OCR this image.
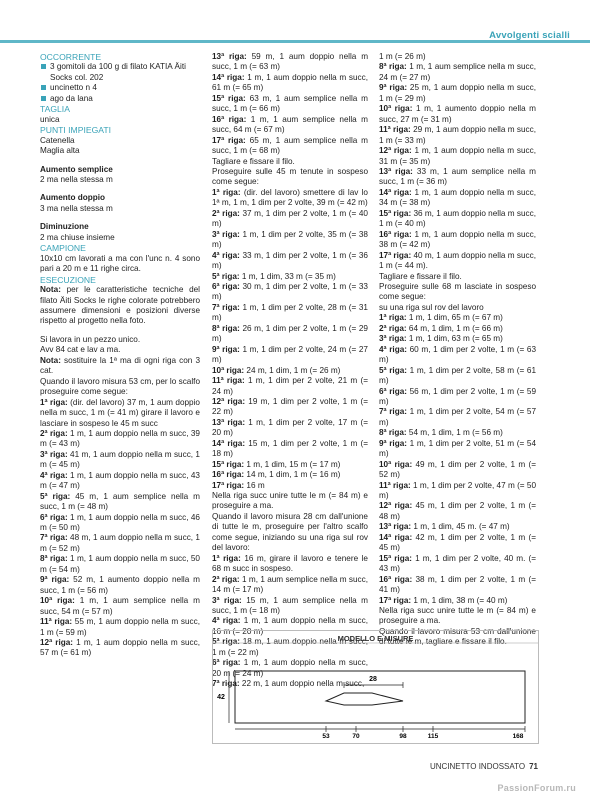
Avvolgenti scialli

OCCORRENTE

3 gomitoli da 100 g di filato KATIA Äiti Socks col. 202
uncinetto n 4
ago da lana

TAGLIA

unica

PUNTI IMPIEGATI

Catenella

Maglia alta

Aumento semplice

2 ma nella stessa m

Aumento doppio

3 ma nella stessa m

Diminuzione

2 ma chiuse insieme

CAMPIONE

10x10 cm lavorati a ma con l'unc n. 4 sono pari a 20 m e 11 righe circa.

ESECUZIONE

Nota: per le caratteristiche tecniche del filato Äiti Socks le righe colorate potrebbero assumere dimensioni e posizioni diverse rispetto al progetto nella foto.

Si lavora in un pezzo unico.

Avv 84 cat e lav a ma.

Nota: sostituire la 1ª ma di ogni riga con 3 cat.

Quando il lavoro misura 53 cm, per lo scalfo proseguire come segue:

1ª riga: (dir. del lavoro) 37 m, 1 aum doppio nella m succ, 1 m (= 41 m) girare il lavoro e lasciare in sospeso le 45 m succ

2ª riga: 1 m, 1 aum doppio nella m succ, 39 m (= 43 m)

3ª riga: 41 m, 1 aum doppio nella m succ, 1 m (= 45 m)

4ª riga: 1 m, 1 aum doppio nella m succ, 43 m (= 47 m)

5ª riga: 45 m, 1 aum semplice nella m succ, 1 m (= 48 m)

6ª riga: 1 m, 1 aum doppio nella m succ, 46 m (= 50 m)

7ª riga: 48 m, 1 aum doppio nella m succ, 1 m (= 52 m)

8ª riga: 1 m, 1 aum doppio nella m succ, 50 m (= 54 m)

9ª riga: 52 m, 1 aumento doppio nella m succ, 1 m (= 56 m)

10ª riga: 1 m, 1 aum semplice nella m succ, 54 m (= 57 m)

11ª riga: 55 m, 1 aum doppio nella m succ, 1 m (= 59 m)

12ª riga: 1 m, 1 aum doppio nella m succ, 57 m (= 61 m)

13ª riga: 59 m, 1 aum doppio nella m succ, 1 m (= 63 m)

14ª riga: 1 m, 1 aum doppio nella m succ, 61 m (= 65 m)

15ª riga: 63 m, 1 aum semplice nella m succ, 1 m (= 66 m)

16ª riga: 1 m, 1 aum semplice nella m succ, 64 m (= 67 m)

17ª riga: 65 m, 1 aum semplice nella m succ, 1 m (= 68 m)

Tagliare e fissare il filo.

Proseguire sulle 45 m tenute in sospeso come segue:

1ª riga: (dir. del lavoro) smettere di lav lo 1ª m, 1 m, 1 dim per 2 volte, 39 m (= 42 m)

2ª riga: 37 m, 1 dim per 2 volte, 1 m (= 40 m)

3ª riga: 1 m, 1 dim per 2 volte, 35 m (= 38 m)

4ª riga: 33 m, 1 dim per 2 volte, 1 m (= 36 m)

5ª riga: 1 m, 1 dim, 33 m (= 35 m)

6ª riga: 30 m, 1 dim per 2 volte, 1 m (= 33 m)

7ª riga: 1 m, 1 dim per 2 volte, 28 m (= 31 m)

8ª riga: 26 m, 1 dim per 2 volte, 1 m (= 29 m)

9ª riga: 1 m, 1 dim per 2 volte, 24 m (= 27 m)

10ª riga: 24 m, 1 dim, 1 m (= 26 m)

11ª riga: 1 m, 1 dim per 2 volte, 21 m (= 24 m)

12ª riga: 19 m, 1 dim per 2 volte, 1 m (= 22 m)

13ª riga: 1 m, 1 dim per 2 volte, 17 m (= 20 m)

14ª riga: 15 m, 1 dim per 2 volte, 1 m (= 18 m)

15ª riga: 1 m, 1 dim, 15 m (= 17 m)

16ª riga: 14 m, 1 dim, 1 m (= 16 m)

17ª riga: 16 m

Nella riga succ unire tutte le m (= 84 m) e proseguire a ma.

Quando il lavoro misura 28 cm dall'unione di tutte le m, proseguire per l'altro scalfo come segue, iniziando su una riga sul rov del lavoro:

1ª riga: 16 m, girare il lavoro e tenere le 68 m succ in sospeso.

2ª riga: 1 m, 1 aum semplice nella m succ, 14 m (= 17 m)

3ª riga: 15 m, 1 aum semplice nella m succ, 1 m (= 18 m)

4ª riga: 1 m, 1 aum doppio nella m succ, 16 m (= 20 m)

5ª riga: 18 m, 1 aum doppio nella m succ, 1 m (= 22 m)

6ª riga: 1 m, 1 aum doppio nella m succ, 20 m (= 24 m)

7ª riga: 22 m, 1 aum doppio nella m succ,

1 m (= 26 m)

8ª riga: 1 m, 1 aum semplice nella m succ, 24 m (= 27 m)

9ª riga: 25 m, 1 aum doppio nella m succ, 1 m (= 29 m)

10ª riga: 1 m, 1 aumento doppio nella m succ, 27 m (= 31 m)

11ª riga: 29 m, 1 aum doppio nella m succ, 1 m (= 33 m)

12ª riga: 1 m, 1 aum doppio nella m succ, 31 m (= 35 m)

13ª riga: 33 m, 1 aum semplice nella m succ, 1 m (= 36 m)

14ª riga: 1 m, 1 aum doppio nella m succ, 34 m (= 38 m)

15ª riga: 36 m, 1 aum doppio nella m succ, 1 m (= 40 m)

16ª riga: 1 m, 1 aum doppio nella m succ, 38 m (= 42 m)

17ª riga: 40 m, 1 aum doppio nella m succ, 1 m (= 44 m).

Tagliare e fissare il filo.

Proseguire sulle 68 m lasciate in sospeso come segue:

su una riga sul rov del lavoro

1ª riga: 1 m, 1 dim, 65 m (= 67 m)

2ª riga: 64 m, 1 dim, 1 m (= 66 m)

3ª riga: 1 m, 1 dim, 63 m (= 65 m)

4ª riga: 60 m, 1 dim per 2 volte, 1 m (= 63 m)

5ª riga: 1 m, 1 dim per 2 volte, 58 m (= 61 m)

6ª riga: 56 m, 1 dim per 2 volte, 1 m (= 59 m)

7ª riga: 1 m, 1 dim per 2 volte, 54 m (= 57 m)

8ª riga: 54 m, 1 dim, 1 m (= 56 m)

9ª riga: 1 m, 1 dim per 2 volte, 51 m (= 54 m)

10ª riga: 49 m, 1 dim per 2 volte, 1 m (= 52 m)

11ª riga: 1 m, 1 dim per 2 volte, 47 m (= 50 m)

12ª riga: 45 m, 1 dim per 2 volte, 1 m (= 48 m)

13ª riga: 1 m, 1 dim, 45 m. (= 47 m)

14ª riga: 42 m, 1 dim per 2 volte, 1 m (= 45 m)

15ª riga: 1 m, 1 dim per 2 volte, 40 m. (= 43 m)

16ª riga: 38 m, 1 dim per 2 volte, 1 m (= 41 m)

17ª riga: 1 m, 1 dim, 38 m (= 40 m)

Nella riga succ unire tutte le m (= 84 m) e proseguire a ma.

Quando il lavoro misura 53 cm dall'unione di tutte le m, tagliare e fissare il filo.

MODELLO E MISURE
28
42
53	70	98	115	168
UNCINETTO INDOSSATO 71
PassionForum.ru
